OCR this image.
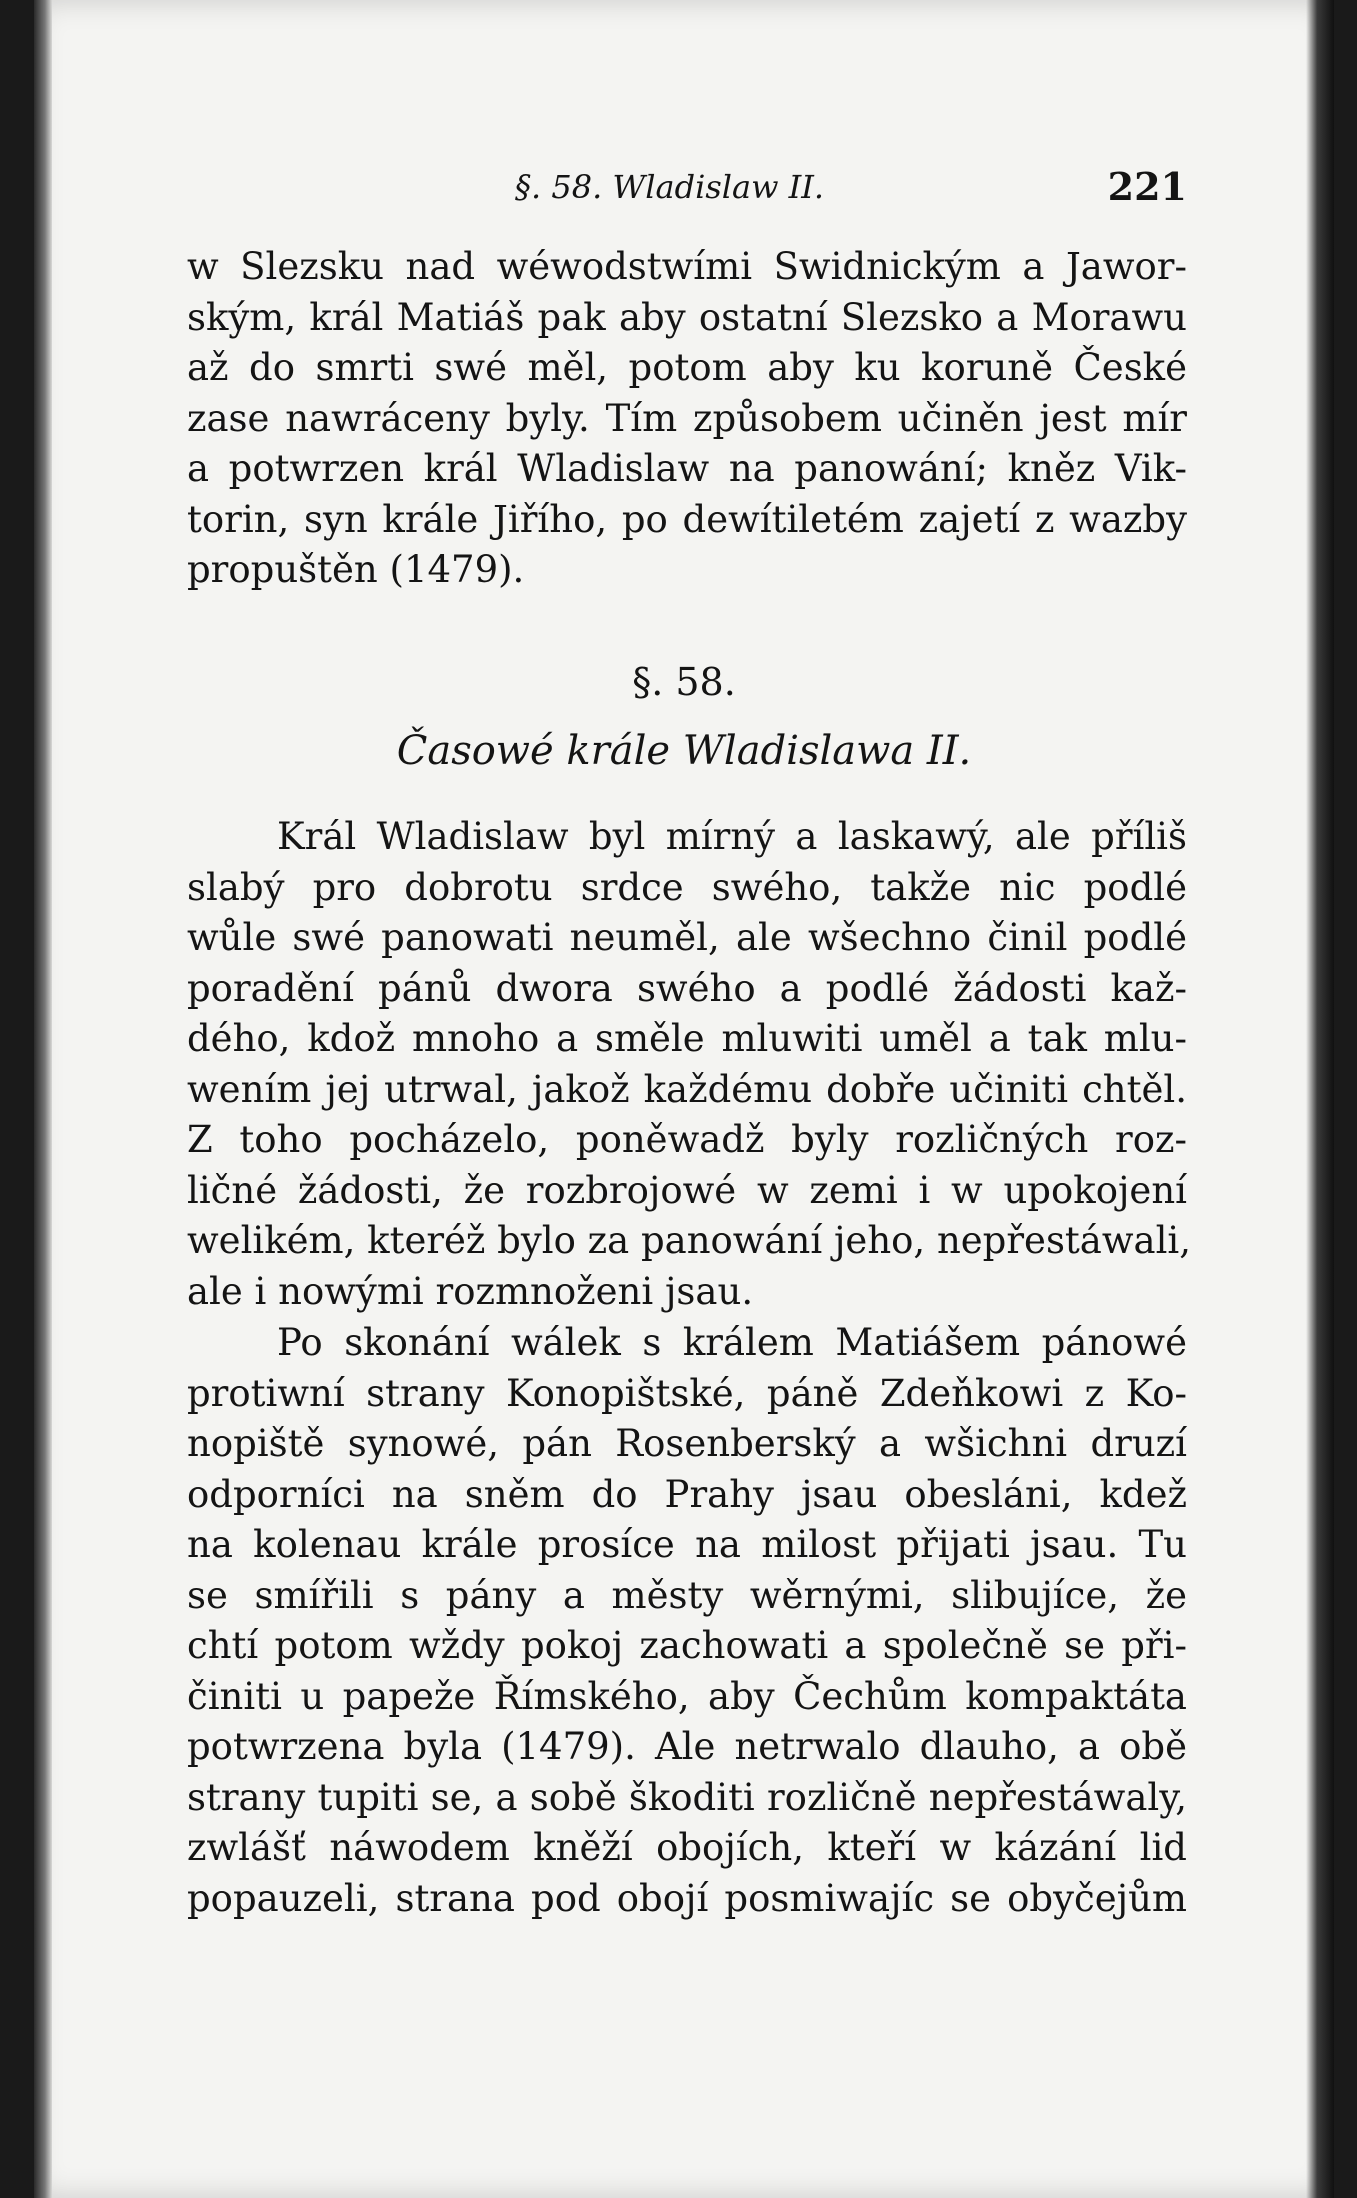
§. 58. Wladislaw II.	221
w Slezsku nad wéwodstwími Swidnickým a Jawor-
ským, král Matiáš pak aby ostatní Slezsko a Morawu
až do smrti swé měl, potom aby ku koruně České
zase nawráceny byly. Tím způsobem učiněn jest mír
a potwrzen král Wladislaw na panowání; kněz Vik-
torin, syn krále Jiřího, po dewítiletém zajetí z wazby
propuštěn (1479).
§. 58.
Časowé krále Wladislawa II.
Král Wladislaw byl mírný a laskawý, ale příliš
slabý pro dobrotu srdce swého, takže nic podlé
wůle swé panowati neuměl, ale wšechno činil podlé
poradění pánů dwora swého a podlé žádosti kaž-
dého, kdož mnoho a směle mluwiti uměl a tak mlu-
wením jej utrwal, jakož každému dobře učiniti chtěl.
Z toho pocházelo, poněwadž byly rozličných roz-
ličné žádosti, že rozbrojowé w zemi i w upokojení
welikém, kteréž bylo za panowání jeho, nepřestáwali,
ale i nowými rozmnoženi jsau.
Po skonání wálek s králem Matiášem pánowé
protiwní strany Konopištské, páně Zdeňkowi z Ko-
nopiště synowé, pán Rosenberský a wšichni druzí
odporníci na sněm do Prahy jsau obesláni, kdež
na kolenau krále prosíce na milost přijati jsau. Tu
se smířili s pány a městy wěrnými, slibujíce, že
chtí potom wždy pokoj zachowati a společně se při-
činiti u papeže Římského, aby Čechům kompaktáta
potwrzena byla (1479). Ale netrwalo dlauho, a obě
strany tupiti se, a sobě škoditi rozličně nepřestáwaly,
zwlášť náwodem kněží obojích, kteří w kázání lid
popauzeli, strana pod obojí posmiwajíc se obyčejům
